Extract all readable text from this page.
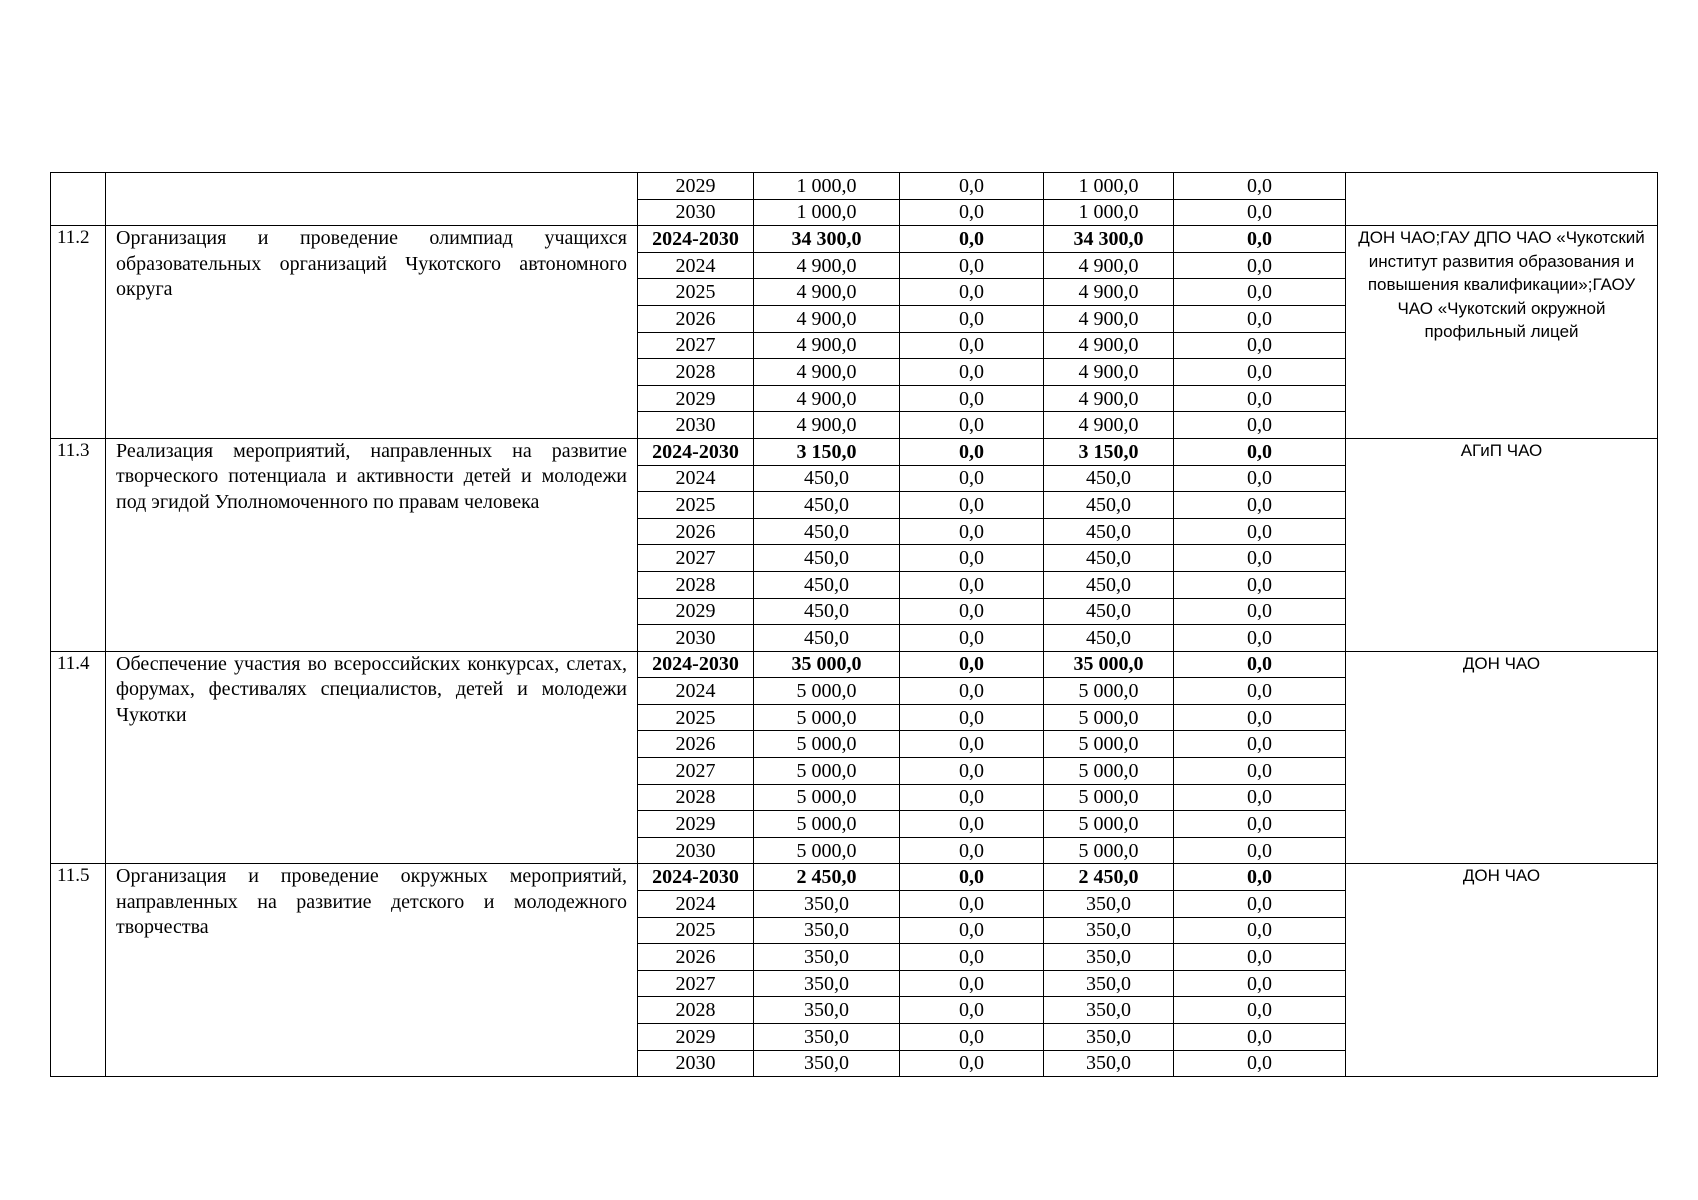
		2029	1 000,0	0,0	1 000,0	0,0	
		2030	1 000,0	0,0	1 000,0	0,0	
11.2	Организация и проведение олимпиад учащихся образовательных организаций Чукотского автономного округа	2024-2030	34 300,0	0,0	34 300,0	0,0	ДОН ЧАО;ГАУ ДПО ЧАО «Чукотский институт развития образования и повышения квалификации»;ГАОУ ЧАО «Чукотский окружной профильный лицей
		2024	4 900,0	0,0	4 900,0	0,0	
		2025	4 900,0	0,0	4 900,0	0,0	
		2026	4 900,0	0,0	4 900,0	0,0	
		2027	4 900,0	0,0	4 900,0	0,0	
		2028	4 900,0	0,0	4 900,0	0,0	
		2029	4 900,0	0,0	4 900,0	0,0	
		2030	4 900,0	0,0	4 900,0	0,0	
11.3	Реализация мероприятий, направленных на развитие творческого потенциала и активности детей и молодежи под эгидой Уполномоченного по правам человека	2024-2030	3 150,0	0,0	3 150,0	0,0	АГиП ЧАО
		2024	450,0	0,0	450,0	0,0	
		2025	450,0	0,0	450,0	0,0	
		2026	450,0	0,0	450,0	0,0	
		2027	450,0	0,0	450,0	0,0	
		2028	450,0	0,0	450,0	0,0	
		2029	450,0	0,0	450,0	0,0	
		2030	450,0	0,0	450,0	0,0	
11.4	Обеспечение участия во всероссийских конкурсах, слетах, форумах, фестивалях специалистов, детей и молодежи Чукотки	2024-2030	35 000,0	0,0	35 000,0	0,0	ДОН ЧАО
		2024	5 000,0	0,0	5 000,0	0,0	
		2025	5 000,0	0,0	5 000,0	0,0	
		2026	5 000,0	0,0	5 000,0	0,0	
		2027	5 000,0	0,0	5 000,0	0,0	
		2028	5 000,0	0,0	5 000,0	0,0	
		2029	5 000,0	0,0	5 000,0	0,0	
		2030	5 000,0	0,0	5 000,0	0,0	
11.5	Организация и проведение окружных мероприятий, направленных на развитие детского и молодежного творчества	2024-2030	2 450,0	0,0	2 450,0	0,0	ДОН ЧАО
		2024	350,0	0,0	350,0	0,0	
		2025	350,0	0,0	350,0	0,0	
		2026	350,0	0,0	350,0	0,0	
		2027	350,0	0,0	350,0	0,0	
		2028	350,0	0,0	350,0	0,0	
		2029	350,0	0,0	350,0	0,0	
		2030	350,0	0,0	350,0	0,0	
